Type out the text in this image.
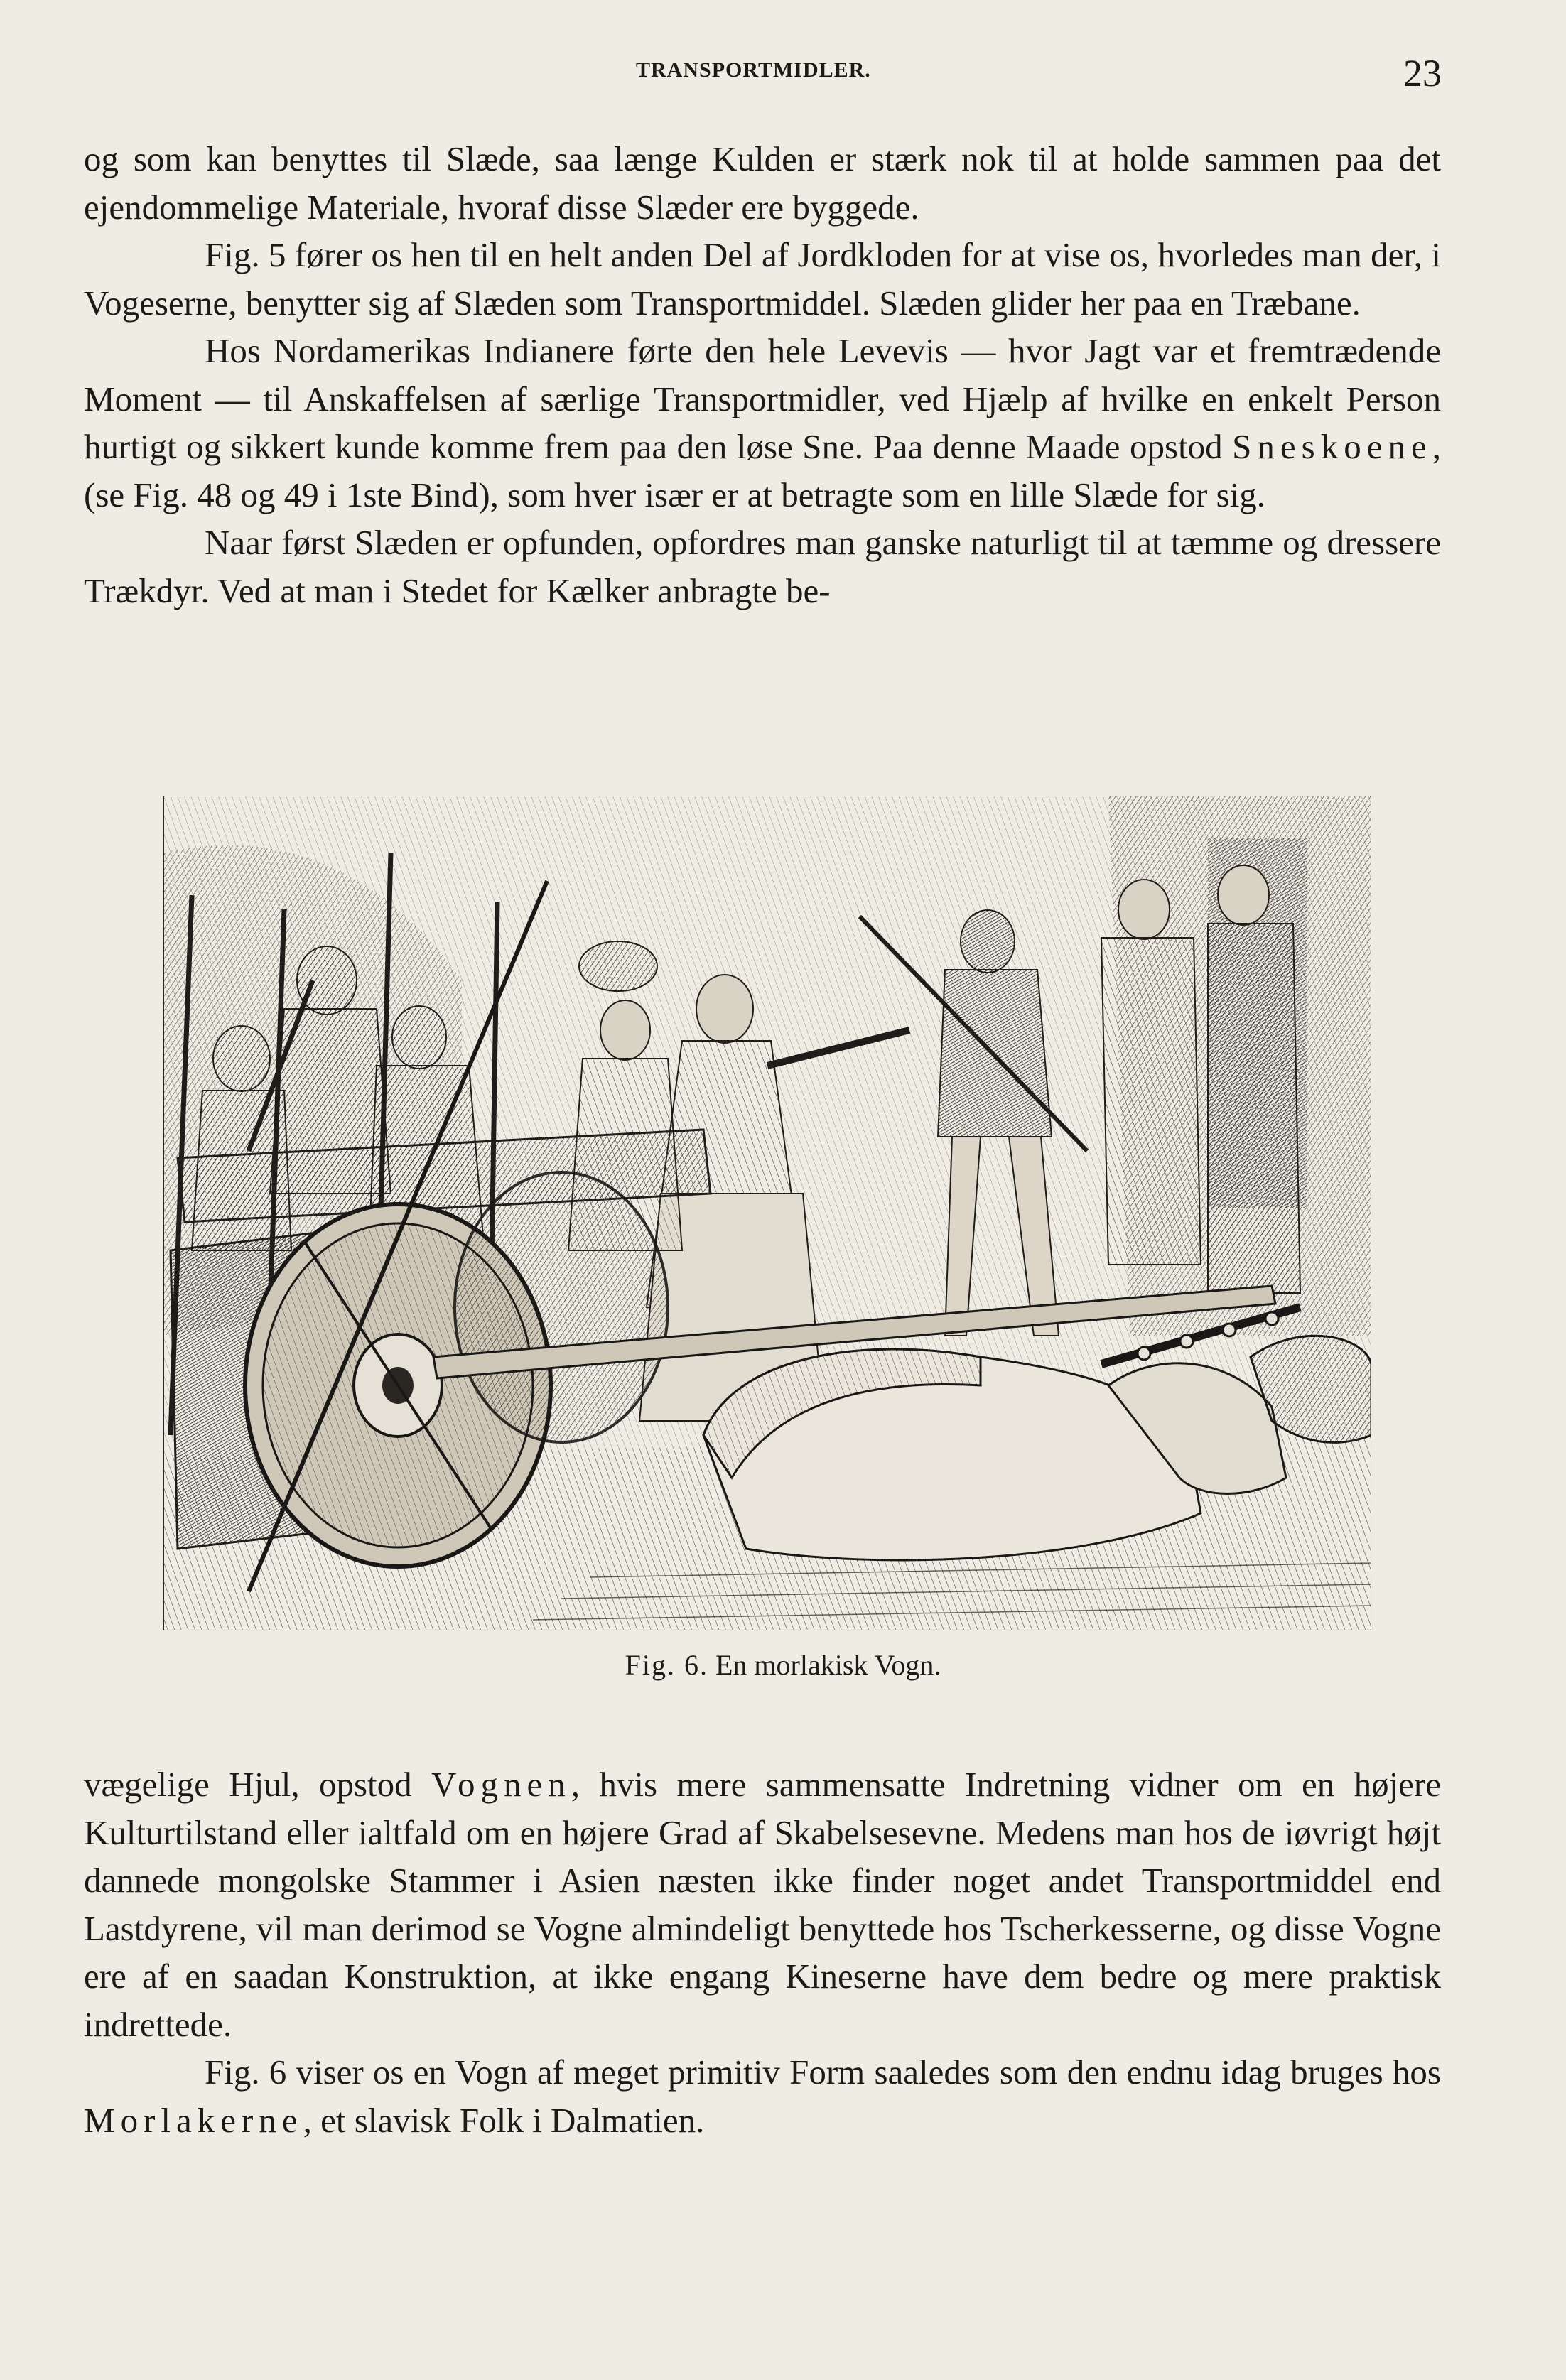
TRANSPORTMIDLER.	23

og som kan benyttes til Slæde, saa længe Kulden er stærk nok til at holde sammen paa det ejendommelige Materiale, hvoraf disse Slæder ere byggede.

Fig. 5 fører os hen til en helt anden Del af Jordkloden for at vise os, hvorledes man der, i Vogeserne, benytter sig af Slæden som Transportmiddel. Slæden glider her paa en Træbane.

Hos Nordamerikas Indianere førte den hele Levevis — hvor Jagt var et fremtrædende Moment — til Anskaffelsen af særlige Transportmidler, ved Hjælp af hvilke en enkelt Person hurtigt og sikkert kunde komme frem paa den løse Sne. Paa denne Maade opstod Sneskoene, (se Fig. 48 og 49 i 1ste Bind), som hver især er at betragte som en lille Slæde for sig.

Naar først Slæden er opfunden, opfordres man ganske naturligt til at tæmme og dressere Trækdyr. Ved at man i Stedet for Kælker anbragte be-

Fig. 6. En morlakisk Vogn.

vægelige Hjul, opstod Vognen, hvis mere sammensatte Indretning vidner om en højere Kulturtilstand eller ialtfald om en højere Grad af Skabelsesevne. Medens man hos de iøvrigt højt dannede mongolske Stammer i Asien næsten ikke finder noget andet Transportmiddel end Lastdyrene, vil man derimod se Vogne almindeligt benyttede hos Tscherkesserne, og disse Vogne ere af en saadan Konstruktion, at ikke engang Kineserne have dem bedre og mere praktisk indrettede.

Fig. 6 viser os en Vogn af meget primitiv Form saaledes som den endnu idag bruges hos Morlakerne, et slavisk Folk i Dalmatien.
